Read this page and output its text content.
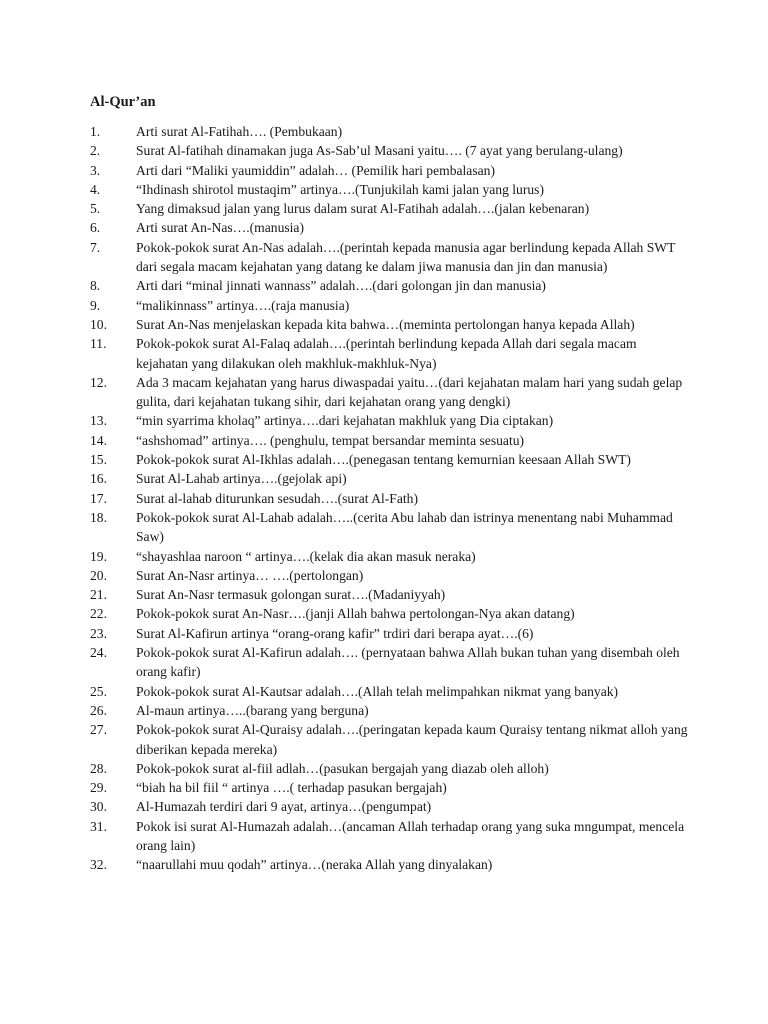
Al-Qur’an
1.	Arti surat Al-Fatihah…. (Pembukaan)
2.	Surat Al-fatihah dinamakan juga As-Sab’ul Masani yaitu…. (7 ayat yang berulang-ulang)
3.	Arti dari “Maliki yaumiddin” adalah… (Pemilik hari pembalasan)
4.	“Ihdinash shirotol mustaqim” artinya….(Tunjukilah kami jalan yang lurus)
5.	Yang dimaksud jalan yang lurus dalam surat Al-Fatihah adalah….(jalan kebenaran)
6.	Arti surat An-Nas….(manusia)
7.	Pokok-pokok surat An-Nas adalah….(perintah kepada manusia agar berlindung kepada Allah SWT dari segala macam kejahatan yang datang ke dalam jiwa manusia dan jin dan manusia)
8.	Arti dari “minal jinnati wannass” adalah….(dari golongan jin dan manusia)
9.	“malikinnass” artinya….(raja manusia)
10.	Surat An-Nas menjelaskan kepada kita bahwa…(meminta pertolongan hanya kepada Allah)
11.	Pokok-pokok surat Al-Falaq adalah….(perintah berlindung kepada Allah dari segala macam kejahatan yang dilakukan oleh makhluk-makhluk-Nya)
12.	Ada 3 macam kejahatan yang harus diwaspadai yaitu…(dari kejahatan malam hari yang sudah gelap gulita, dari kejahatan tukang sihir, dari kejahatan orang yang dengki)
13.	“min syarrima kholaq” artinya….dari kejahatan makhluk yang Dia ciptakan)
14.	“ashshomad” artinya…. (penghulu, tempat bersandar meminta sesuatu)
15.	Pokok-pokok surat Al-Ikhlas adalah….(penegasan tentang kemurnian keesaan Allah SWT)
16.	Surat Al-Lahab artinya….(gejolak api)
17.	Surat al-lahab diturunkan sesudah….(surat Al-Fath)
18.	Pokok-pokok surat Al-Lahab adalah…..(cerita Abu lahab dan istrinya menentang nabi Muhammad Saw)
19.	“shayashlaa naroon “ artinya….(kelak dia akan masuk neraka)
20.	Surat An-Nasr artinya… ….(pertolongan)
21.	Surat An-Nasr termasuk golongan surat….(Madaniyyah)
22.	Pokok-pokok surat An-Nasr….(janji Allah bahwa pertolongan-Nya akan datang)
23.	Surat Al-Kafirun artinya “orang-orang kafir” trdiri dari berapa ayat….(6)
24.	Pokok-pokok surat Al-Kafirun adalah…. (pernyataan bahwa Allah bukan tuhan yang disembah oleh orang kafir)
25.	Pokok-pokok surat Al-Kautsar adalah….(Allah telah melimpahkan nikmat yang banyak)
26.	Al-maun artinya…..(barang yang berguna)
27.	Pokok-pokok surat Al-Quraisy adalah….(peringatan kepada kaum Quraisy tentang nikmat alloh yang diberikan kepada mereka)
28.	Pokok-pokok surat al-fiil adlah…(pasukan bergajah yang diazab oleh alloh)
29.	“biah ha bil fiil “ artinya ….( terhadap pasukan bergajah)
30.	Al-Humazah terdiri dari 9 ayat, artinya…(pengumpat)
31.	Pokok isi surat Al-Humazah adalah…(ancaman Allah terhadap orang yang suka mngumpat, mencela orang lain)
32.	“naarullahi muu qodah” artinya…(neraka Allah yang dinyalakan)
